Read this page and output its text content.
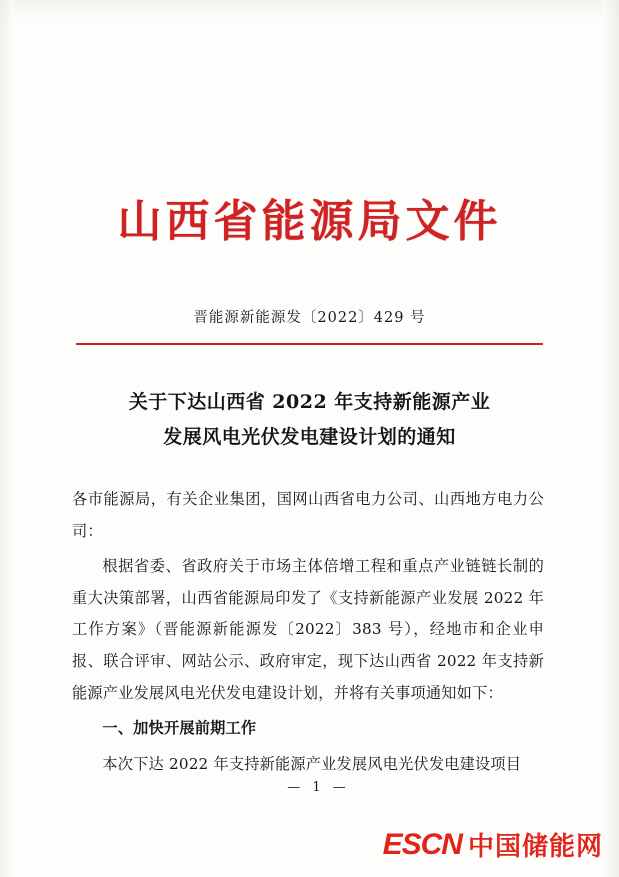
山西省能源局文件
晋能源新能源发〔2022〕429 号
关于下达山西省 2022 年支持新能源产业
发展风电光伏发电建设计划的通知

各市能源局，有关企业集团，国网山西省电力公司、山西地方电力公司：

根据省委、省政府关于市场主体倍增工程和重点产业链链长制的重大决策部署，山西省能源局印发了《支持新能源产业发展 2022 年工作方案》（晋能源新能源发〔2022〕383 号），经地市和企业申报、联合评审、网站公示、政府审定，现下达山西省 2022 年支持新能源产业发展风电光伏发电建设计划，并将有关事项通知如下：

一、加快开展前期工作

本次下达 2022 年支持新能源产业发展风电光伏发电建设项目

— 1 —
ESCN 中国储能网
